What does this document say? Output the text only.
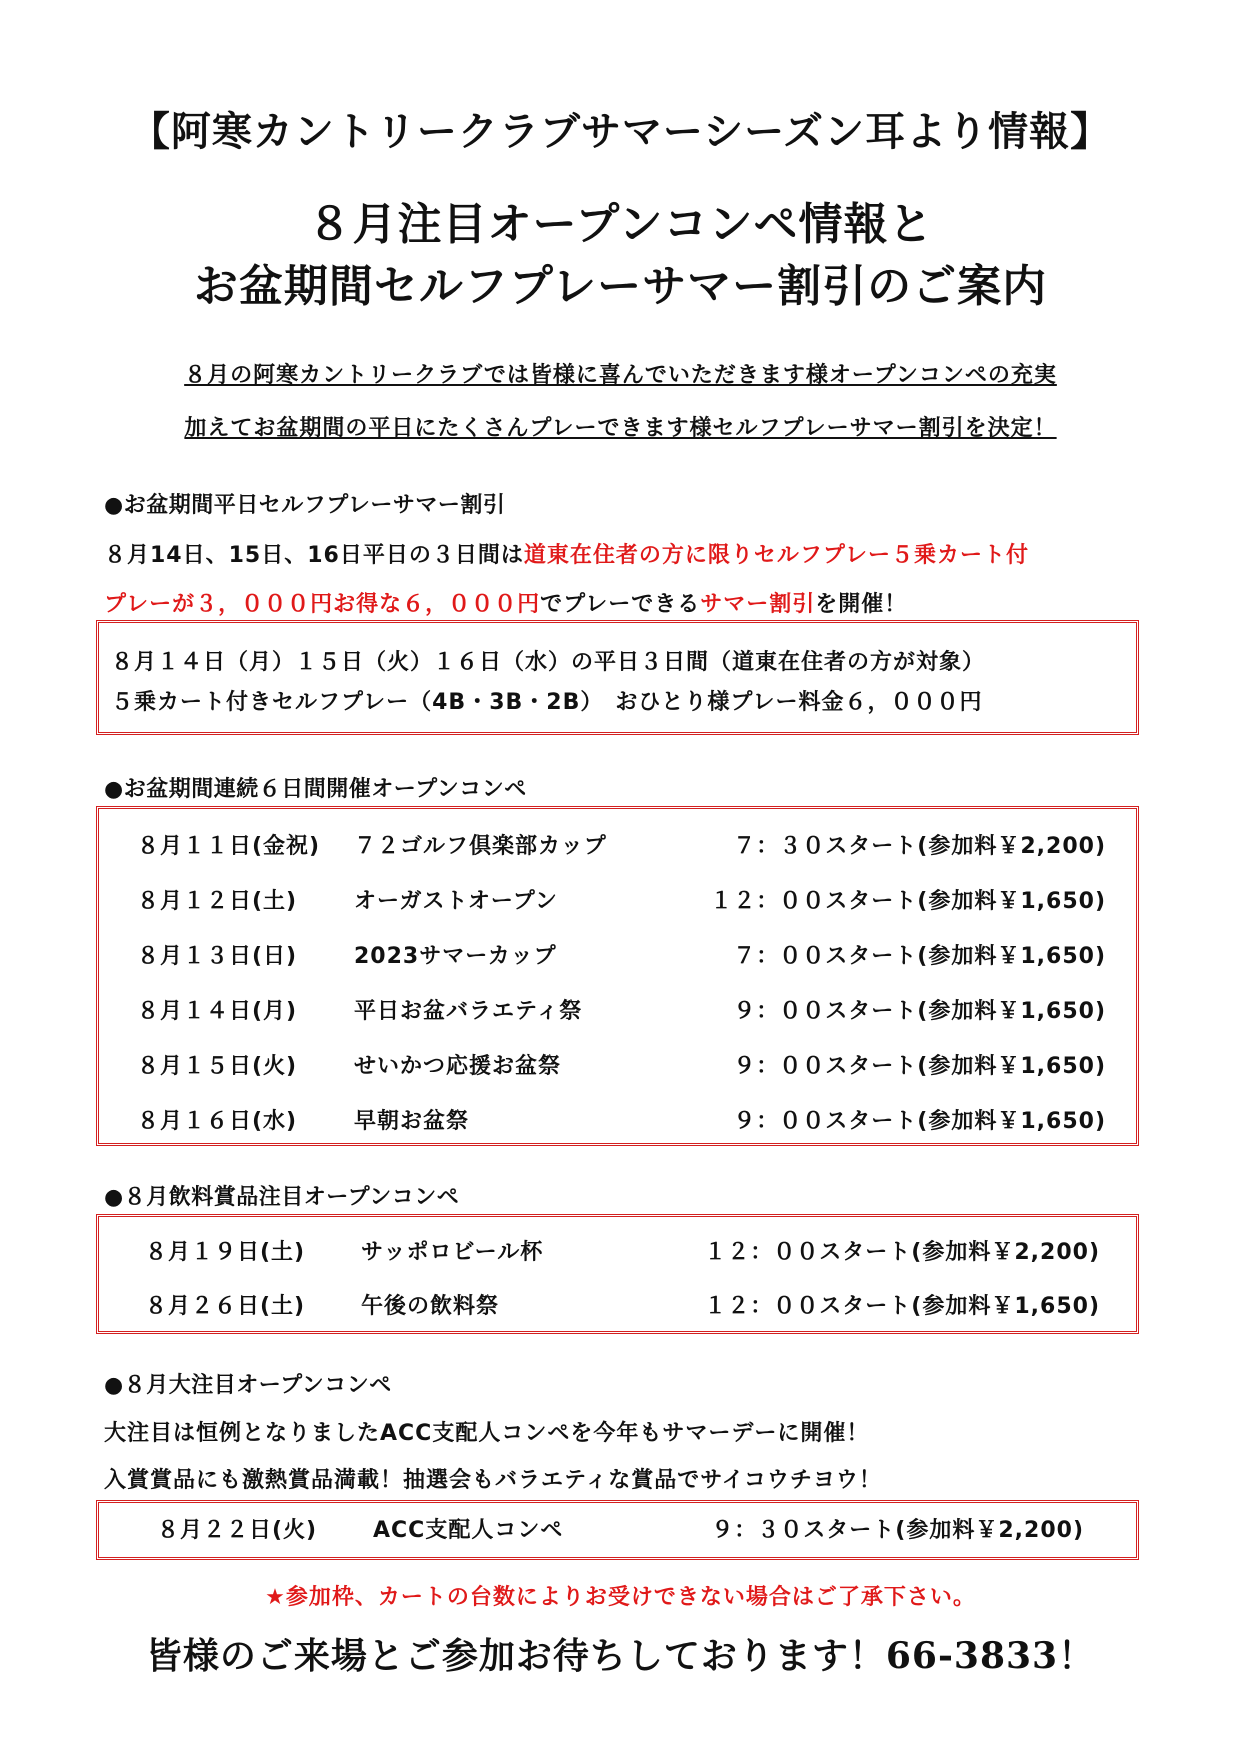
【阿寒カントリークラブサマーシーズン耳より情報】
８月注目オープンコンペ情報と
お盆期間セルフプレーサマー割引のご案内
８月の阿寒カントリークラブでは皆様に喜んでいただきます様オープンコンペの充実
加えてお盆期間の平日にたくさんプレーできます様セルフプレーサマー割引を決定！
●お盆期間平日セルフプレーサマー割引
８月14日、15日、16日平日の３日間は道東在住者の方に限りセルフプレー５乗カート付
プレーが３，０００円お得な６，０００円でプレーできるサマー割引を開催！
８月１４日（月）１５日（火）１６日（水）の平日３日間（道東在住者の方が対象）
５乗カート付きセルフプレー（4B・3B・2B）　おひとり様プレー料金６，０００円
●お盆期間連続６日間開催オープンコンペ
８月１１日(金祝) ７２ゴルフ倶楽部カップ	７：３０スタート(参加料￥2,200)
８月１２日(土)	オーガストオープン	１２：００スタート(参加料￥1,650)
８月１３日(日)	2023サマーカップ	７：００スタート(参加料￥1,650)
８月１４日(月)	平日お盆バラエティ祭	９：００スタート(参加料￥1,650)
８月１５日(火)	せいかつ応援お盆祭	９：００スタート(参加料￥1,650)
８月１６日(水)	早朝お盆祭	９：００スタート(参加料￥1,650)
●８月飲料賞品注目オープンコンペ
８月１９日(土)	サッポロビール杯	１２：００スタート(参加料￥2,200)
８月２６日(土)	午後の飲料祭	１２：００スタート(参加料￥1,650)
●８月大注目オープンコンペ
大注目は恒例となりましたACC支配人コンペを今年もサマーデーに開催！
入賞賞品にも激熱賞品満載！抽選会もバラエティな賞品でサイコウチヨウ！
８月２２日(火)	ACC支配人コンペ	９：３０スタート(参加料￥2,200)
★参加枠、カートの台数によりお受けできない場合はご了承下さい。
皆様のご来場とご参加お待ちしております！66-3833！
